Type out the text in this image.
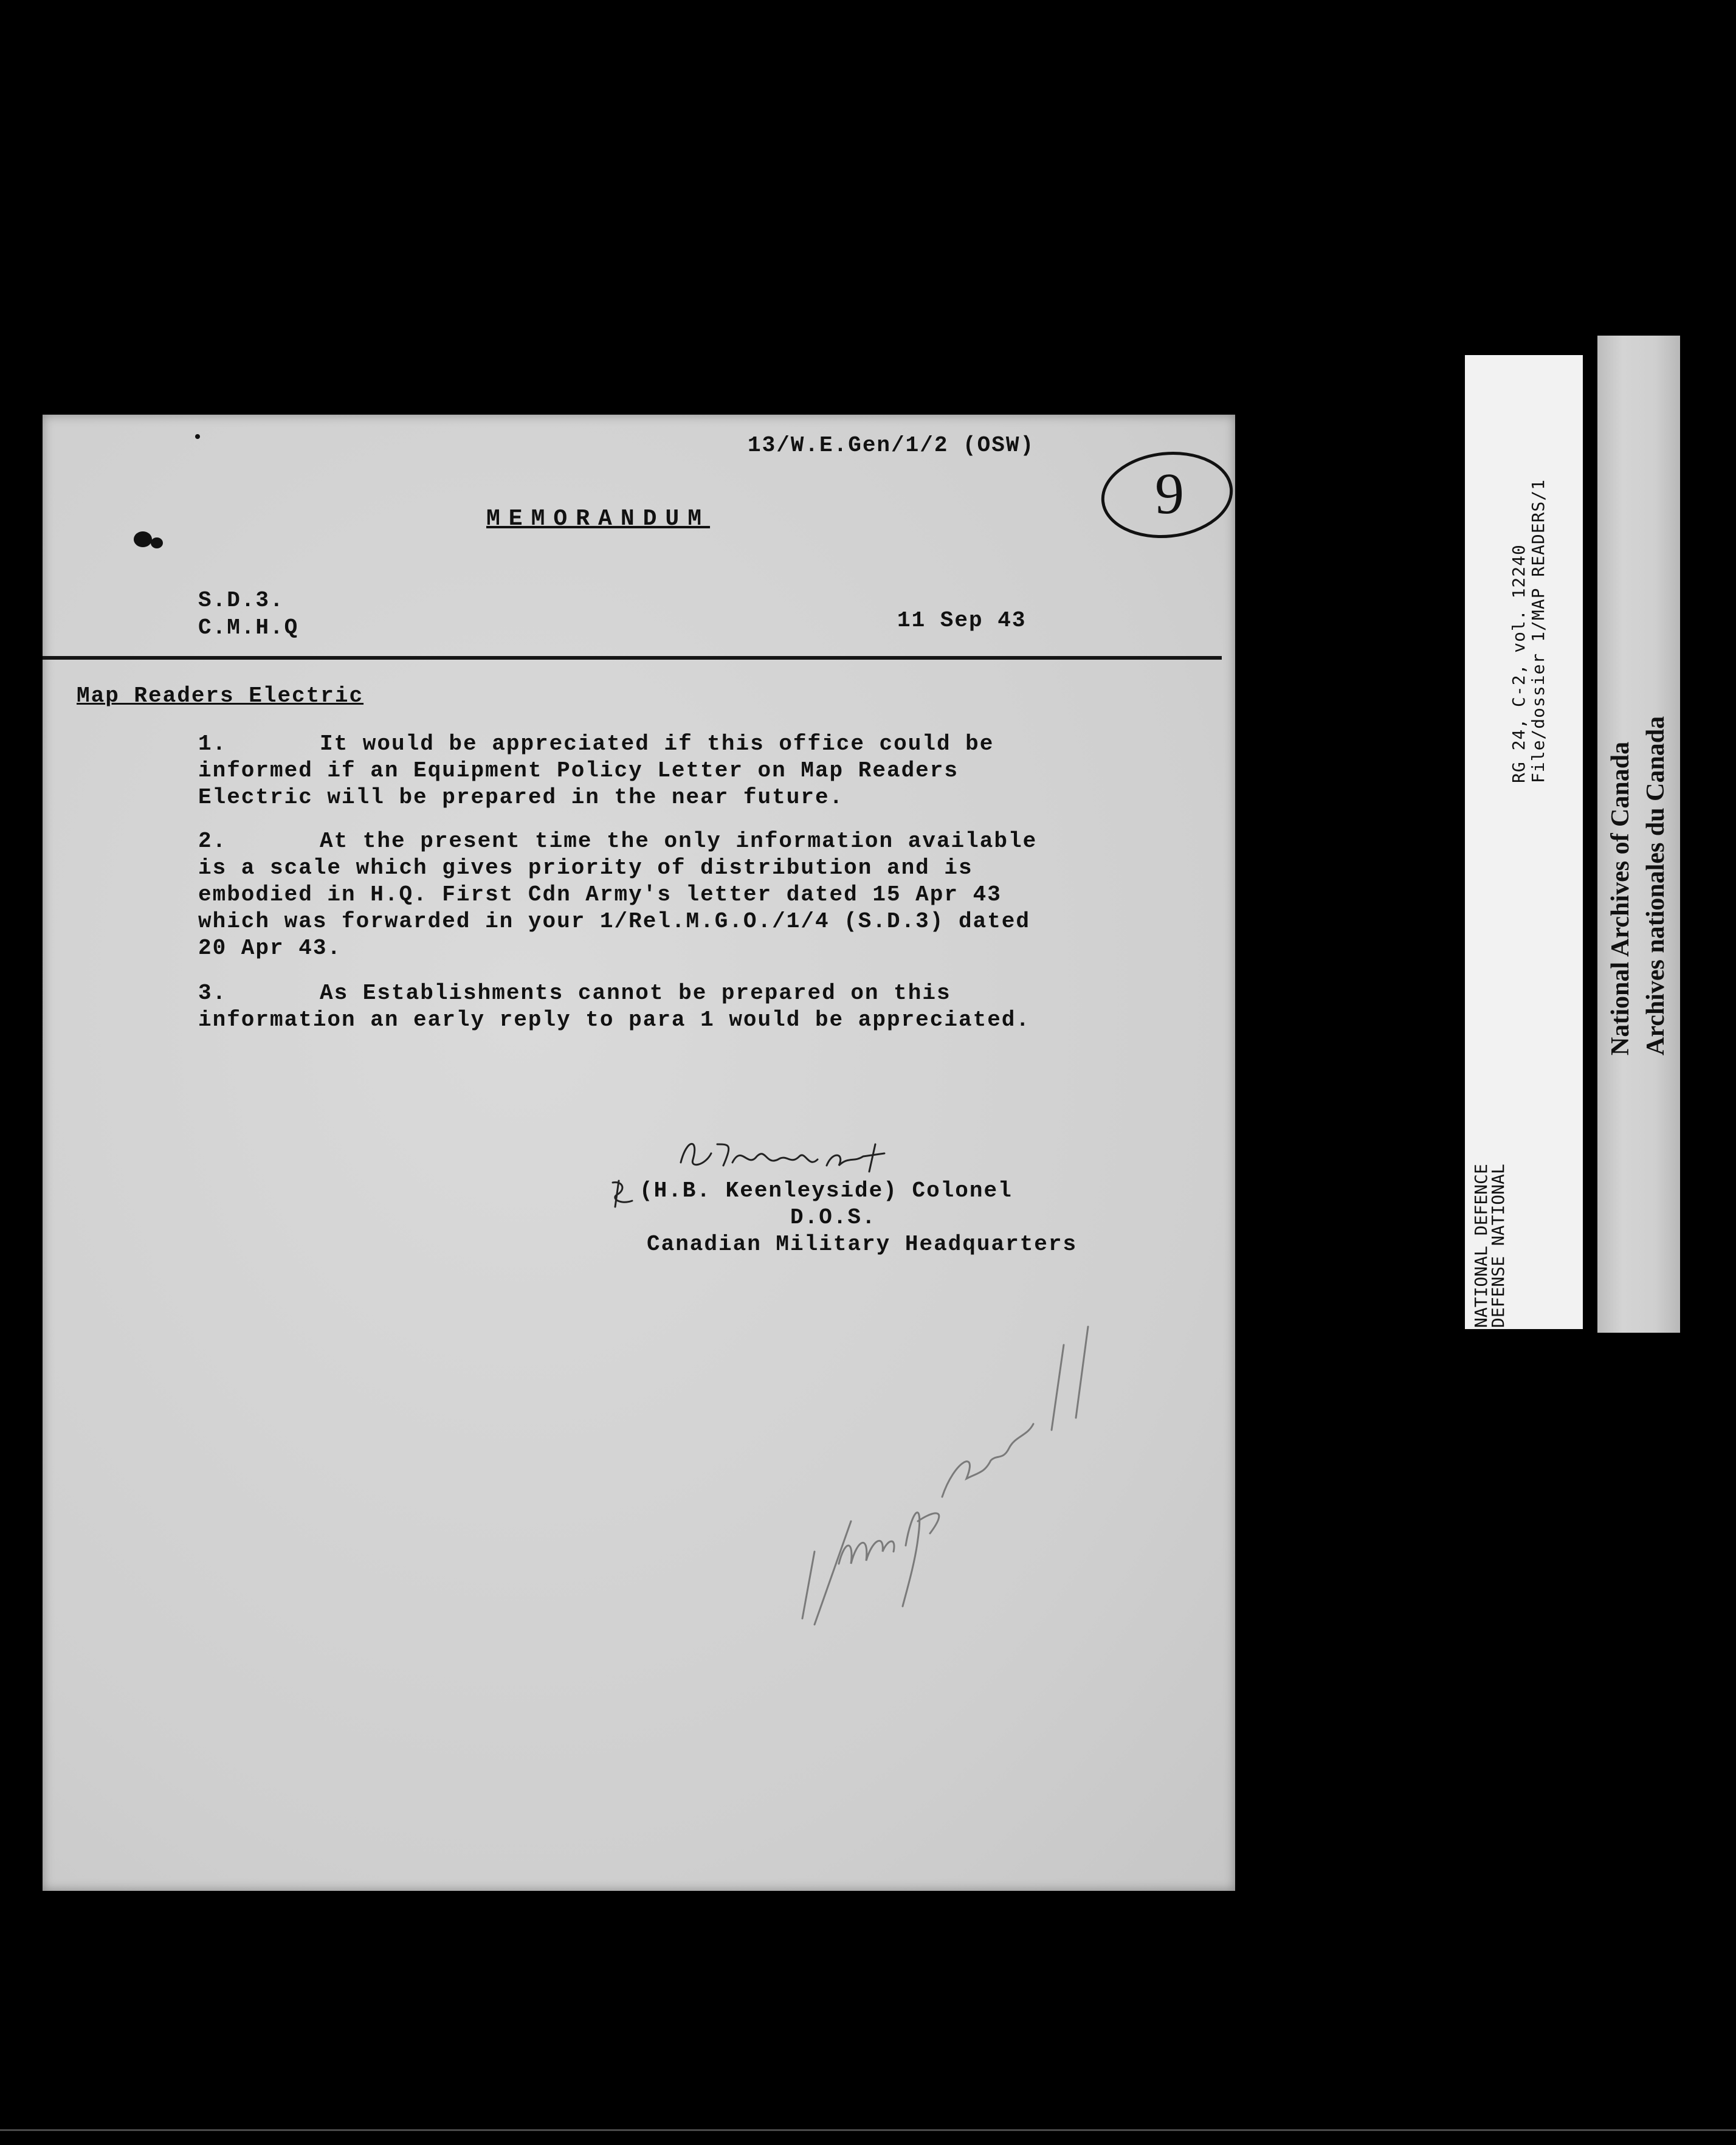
13/W.E.Gen/1/2 (OSW)
MEMORANDUM	9
S.D.3.
C.M.H.Q	11 Sep 43
Map Readers Electric
1.	It would be appreciated if this office could be
informed if an Equipment Policy Letter on Map Readers
Electric will be prepared in the near future.
2.	At the present time the only information available
is a scale which gives priority of distribution and is
embodied in H.Q. First Cdn Army's letter dated 15 Apr 43
which was forwarded in your 1/Rel.M.G.O./1/4 (S.D.3) dated
20 Apr 43.
3.	As Establishments cannot be prepared on this
information an early reply to para 1 would be appreciated.
(H.B. Keenleyside) Colonel
D.O.S.
Canadian Military Headquarters
RG 24, C-2, vol. 12240 File/dossier 1/MAP READERS/1
NATIONAL DEFENCE
DEFENSE NATIONAL
National Archives of Canada Archives nationales du Canada
